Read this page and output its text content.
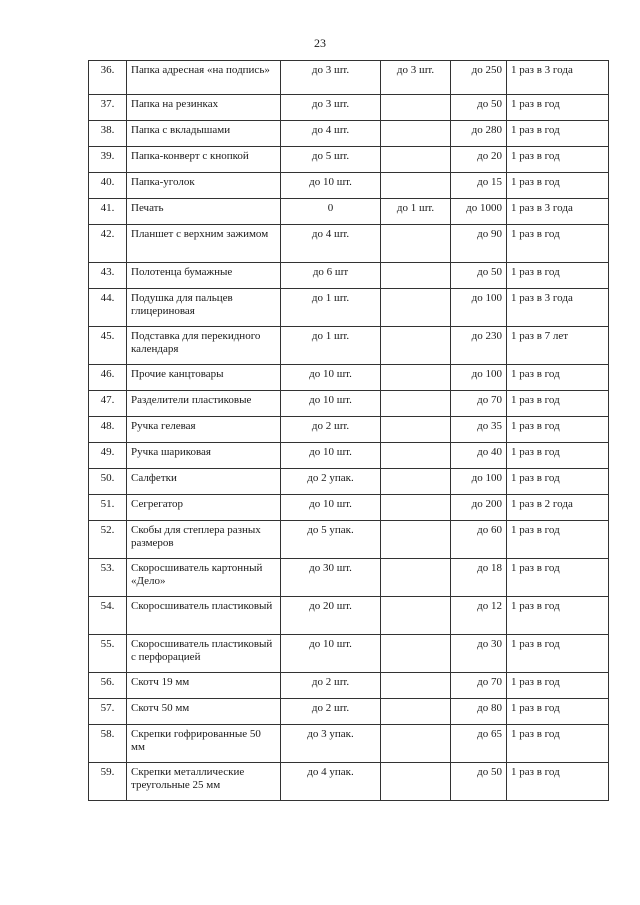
23
36.	Папка адресная «на подпись»	до 3 шт.	до 3 шт.	до 250	1 раз в 3 года
37.	Папка на резинках	до 3 шт.		до 50	1 раз в год
38.	Папка с вкладышами	до 4 шт.		до 280	1 раз в год
39.	Папка-конверт с кнопкой	до 5 шт.		до 20	1 раз в год
40.	Папка-уголок	до 10 шт.		до 15	1 раз в год
41.	Печать	0	до 1 шт.	до 1000	1 раз в 3 года
42.	Планшет с верхним зажимом	до 4 шт.		до 90	1 раз в год
43.	Полотенца бумажные	до 6 шт		до 50	1 раз в год
44.	Подушка для пальцев глицериновая	до 1 шт.		до 100	1 раз в 3 года
45.	Подставка для перекидного календаря	до 1 шт.		до 230	1 раз в 7 лет
46.	Прочие канцтовары	до 10 шт.		до 100	1 раз в год
47.	Разделители пластиковые	до 10 шт.		до 70	1 раз в год
48.	Ручка гелевая	до 2 шт.		до 35	1 раз в год
49.	Ручка шариковая	до 10 шт.		до 40	1 раз в год
50.	Салфетки	до 2 упак.		до 100	1 раз в год
51.	Сегрегатор	до 10 шт.		до 200	1 раз в 2 года
52.	Скобы для степлера разных размеров	до 5 упак.		до 60	1 раз в год
53.	Скоросшиватель картонный «Дело»	до 30 шт.		до 18	1 раз в год
54.	Скоросшиватель пластиковый	до 20 шт.		до 12	1 раз в год
55.	Скоросшиватель пластиковый с перфорацией	до 10 шт.		до 30	1 раз в год
56.	Скотч 19 мм	до 2 шт.		до 70	1 раз в год
57.	Скотч 50 мм	до 2 шт.		до 80	1 раз в год
58.	Скрепки гофрированные 50 мм	до 3 упак.		до 65	1 раз в год
59.	Скрепки металлические треугольные 25 мм	до 4 упак.		до 50	1 раз в год
